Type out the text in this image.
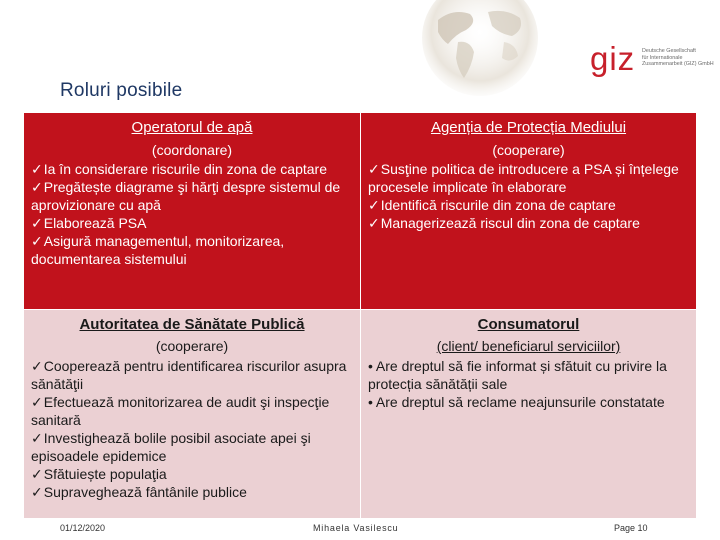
giz Deutsche Gesellschaft
für Internationale
Zusammenarbeit (GIZ) GmbH
Roluri posibile
Operatorul de apă
(coordonare)
✓ Ia în considerare riscurile din zona de captare
✓ Pregătește diagrame şi hărţi despre sistemul de aprovizionare cu apă
✓ Elaborează PSA
✓ Asigură managementul, monitorizarea, documentarea sistemului
Agenția de Protecția Mediului
(cooperare)
✓ Susţine politica de introducere a PSA și înțelege procesele implicate în elaborare
✓ Identifică riscurile din zona de captare
✓ Managerizează riscul din zona de captare
Autoritatea de Sănătate Publică
(cooperare)
✓ Cooperează pentru identificarea riscurilor asupra sănătăţii
✓ Efectuează monitorizarea de audit şi inspecţie sanitară
✓ Investighează bolile posibil asociate apei şi episoadele epidemice
✓ Sfătuiește populaţia
✓ Supraveghează fântânile publice
Consumatorul
(client/ beneficiarul serviciilor)
• Are dreptul să fie informat și sfătuit cu privire la protecția sănătății sale
• Are dreptul să reclame neajunsurile constatate
01/12/2020	Mihaela Vasilescu	Page 10
